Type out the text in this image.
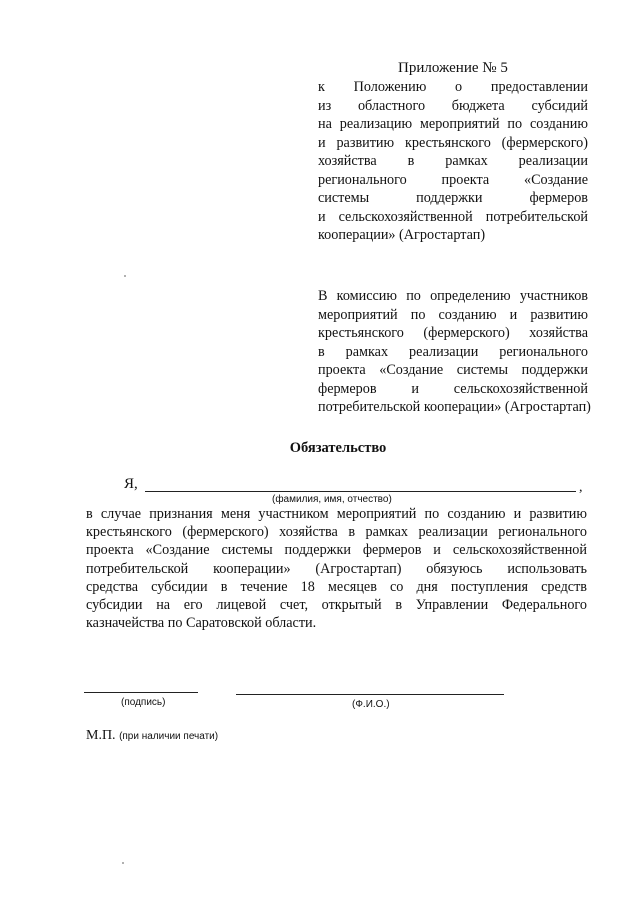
Приложение № 5
к Положению о предоставлении
из областного бюджета субсидий
на реализацию мероприятий по созданию
и развитию крестьянского (фермерского)
хозяйства в рамках реализации
регионального проекта «Создание
системы поддержки фермеров
и сельскохозяйственной потребительской
кооперации» (Агростартап)
В комиссию по определению участников
мероприятий по созданию и развитию
крестьянского (фермерского) хозяйства
в рамках реализации регионального
проекта «Создание системы поддержки
фермеров и сельскохозяйственной
потребительской кооперации» (Агростартап)
Обязательство
Я,	,
(фамилия, имя, отчество)
в случае признания меня участником мероприятий по созданию и развитию
крестьянского (фермерского) хозяйства в рамках реализации регионального
проекта «Создание системы поддержки фермеров и сельскохозяйственной
потребительской кооперации» (Агростартап) обязуюсь использовать
средства субсидии в течение 18 месяцев со дня поступления средств
субсидии на его лицевой счет, открытый в Управлении Федерального
казначейства по Саратовской области.
(подпись)	(Ф.И.О.)
М.П. (при наличии печати)
